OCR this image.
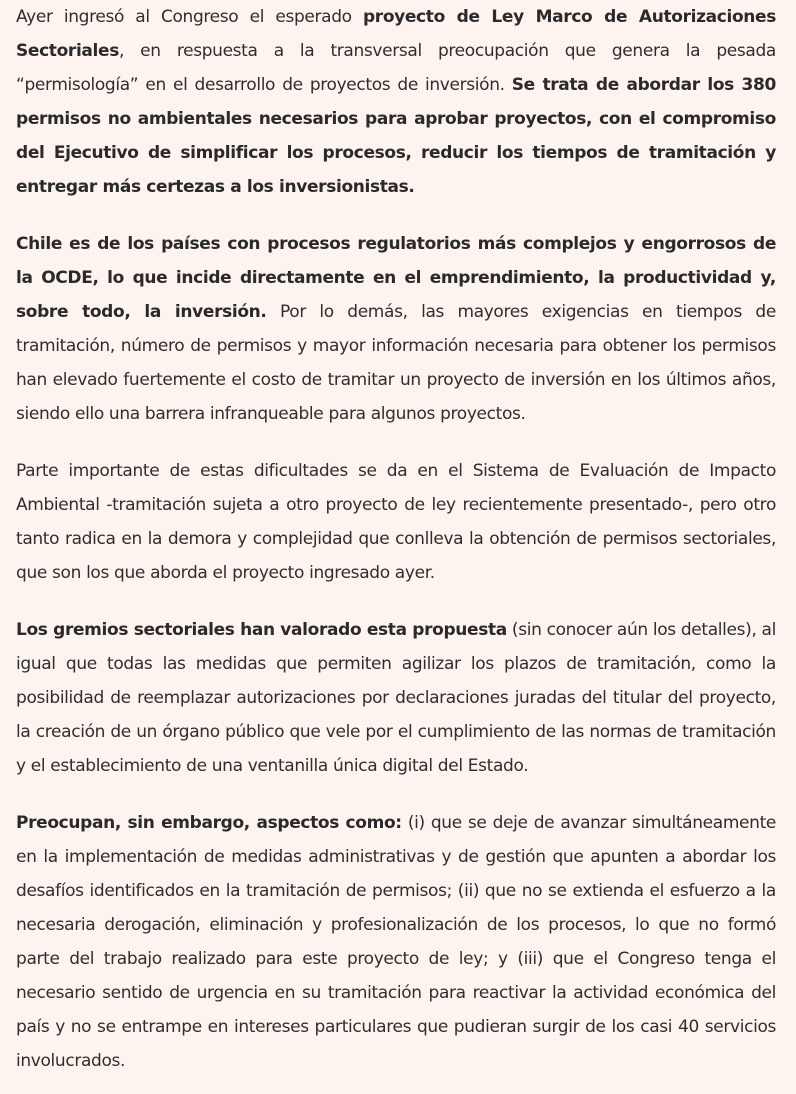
Ayer ingresó al Congreso el esperado proyecto de Ley Marco de Autorizaciones Sectoriales, en respuesta a la transversal preocupación que genera la pesada “permisología” en el desarrollo de proyectos de inversión. Se trata de abordar los 380 permisos no ambientales necesarios para aprobar proyectos, con el compromiso del Ejecutivo de simplificar los procesos, reducir los tiempos de tramitación y entregar más certezas a los inversionistas.

Chile es de los países con procesos regulatorios más complejos y engorrosos de la OCDE, lo que incide directamente en el emprendimiento, la productividad y, sobre todo, la inversión. Por lo demás, las mayores exigencias en tiempos de tramitación, número de permisos y mayor información necesaria para obtener los permisos han elevado fuertemente el costo de tramitar un proyecto de inversión en los últimos años, siendo ello una barrera infranqueable para algunos proyectos.

Parte importante de estas dificultades se da en el Sistema de Evaluación de Impacto Ambiental -tramitación sujeta a otro proyecto de ley recientemente presentado-, pero otro tanto radica en la demora y complejidad que conlleva la obtención de permisos sectoriales, que son los que aborda el proyecto ingresado ayer.

Los gremios sectoriales han valorado esta propuesta (sin conocer aún los detalles), al igual que todas las medidas que permiten agilizar los plazos de tramitación, como la posibilidad de reemplazar autorizaciones por declaraciones juradas del titular del proyecto, la creación de un órgano público que vele por el cumplimiento de las normas de tramitación y el establecimiento de una ventanilla única digital del Estado.

Preocupan, sin embargo, aspectos como: (i) que se deje de avanzar simultáneamente en la implementación de medidas administrativas y de gestión que apunten a abordar los desafíos identificados en la tramitación de permisos; (ii) que no se extienda el esfuerzo a la necesaria derogación, eliminación y profesionalización de los procesos, lo que no formó parte del trabajo realizado para este proyecto de ley; y (iii) que el Congreso tenga el necesario sentido de urgencia en su tramitación para reactivar la actividad económica del país y no se entrampe en intereses particulares que pudieran surgir de los casi 40 servicios involucrados.
